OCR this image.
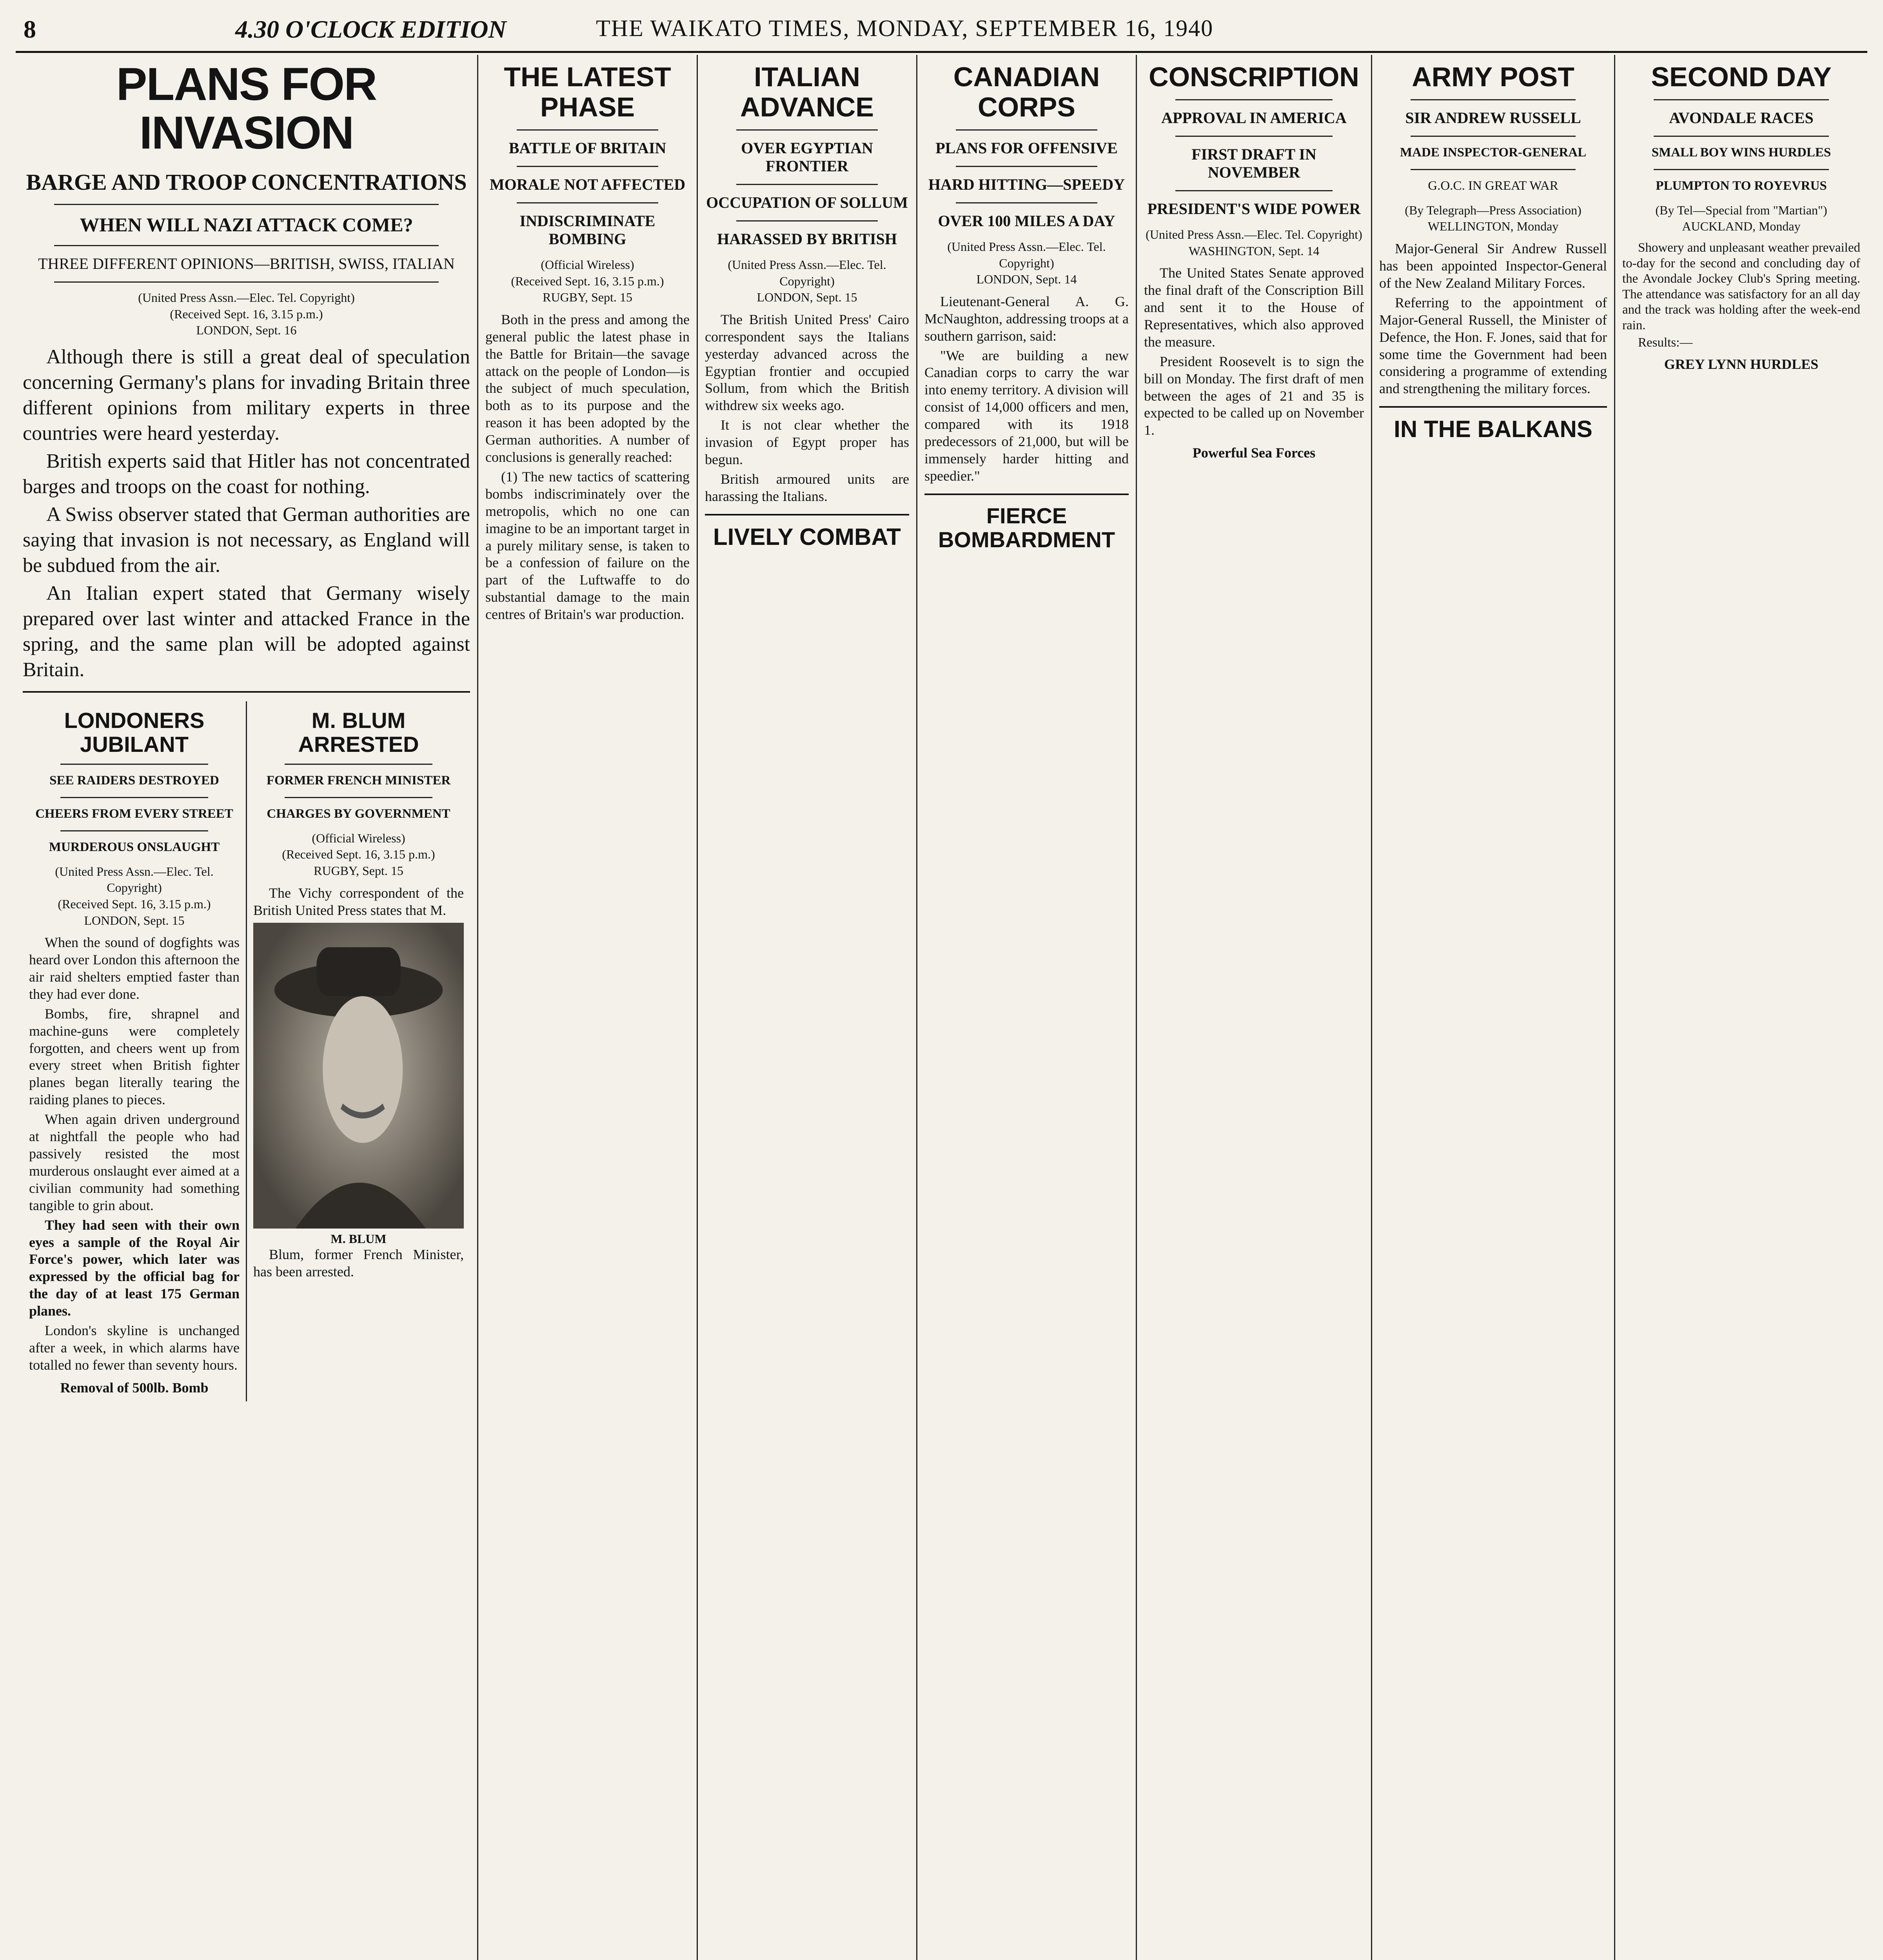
8	4.30 O'CLOCK EDITION	THE WAIKATO TIMES, MONDAY, SEPTEMBER 16, 1940
PLANS FOR INVASION
BARGE AND TROOP CONCENTRATIONS
WHEN WILL NAZI ATTACK COME?
THREE DIFFERENT OPINIONS—BRITISH, SWISS, ITALIAN
(United Press Assn.—Elec. Tel. Copyright)
(Received Sept. 16, 3.15 p.m.)
LONDON, Sept. 16

Although there is still a great deal of speculation concerning Germany's plans for invading Britain three different opinions from military experts in three countries were heard yesterday.

British experts said that Hitler has not concentrated barges and troops on the coast for nothing.

A Swiss observer stated that German authorities are saying that invasion is not necessary, as England will be subdued from the air.

An Italian expert stated that Germany wisely prepared over last winter and attacked France in the spring, and the same plan will be adopted against Britain.

LONDONERS JUBILANT
SEE RAIDERS DESTROYED
CHEERS FROM EVERY STREET
MURDEROUS ONSLAUGHT
(United Press Assn.—Elec. Tel. Copyright)
(Received Sept. 16, 3.15 p.m.)
LONDON, Sept. 15

When the sound of dogfights was heard over London this afternoon the air raid shelters emptied faster than they had ever done.

Bombs, fire, shrapnel and machine-guns were completely forgotten, and cheers went up from every street when British fighter planes began literally tearing the raiding planes to pieces.

When again driven underground at nightfall the people who had passively resisted the most murderous onslaught ever aimed at a civilian community had something tangible to grin about.

They had seen with their own eyes a sample of the Royal Air Force's power, which later was expressed by the official bag for the day of at least 175 German planes.

London's skyline is unchanged after a week, in which alarms have totalled no fewer than seventy hours.

Removal of 500lb. Bomb
M. BLUM ARRESTED
FORMER FRENCH MINISTER
CHARGES BY GOVERNMENT
(Official Wireless)
(Received Sept. 16, 3.15 p.m.)
RUGBY, Sept. 15

The Vichy correspondent of the British United Press states that M.

M. BLUM

Blum, former French Minister, has been arrested.

THE LATEST PHASE
BATTLE OF BRITAIN
MORALE NOT AFFECTED
INDISCRIMINATE BOMBING
(Official Wireless)
(Received Sept. 16, 3.15 p.m.)
RUGBY, Sept. 15

Both in the press and among the general public the latest phase in the Battle for Britain—the savage attack on the people of London—is the subject of much speculation, both as to its purpose and the reason it has been adopted by the German authorities. A number of conclusions is generally reached:

(1) The new tactics of scattering bombs indiscriminately over the metropolis, which no one can imagine to be an important target in a purely military sense, is taken to be a confession of failure on the part of the Luftwaffe to do substantial damage to the main centres of Britain's war production.

ITALIAN ADVANCE
OVER EGYPTIAN FRONTIER
OCCUPATION OF SOLLUM
HARASSED BY BRITISH
(United Press Assn.—Elec. Tel. Copyright)
LONDON, Sept. 15

The British United Press' Cairo correspondent says the Italians yesterday advanced across the Egyptian frontier and occupied Sollum, from which the British withdrew six weeks ago.

It is not clear whether the invasion of Egypt proper has begun.

British armoured units are harassing the Italians.

LIVELY COMBAT
CANADIAN CORPS
PLANS FOR OFFENSIVE
HARD HITTING—SPEEDY
OVER 100 MILES A DAY
(United Press Assn.—Elec. Tel. Copyright)
LONDON, Sept. 14

Lieutenant-General A. G. McNaughton, addressing troops at a southern garrison, said:

"We are building a new Canadian corps to carry the war into enemy territory. A division will consist of 14,000 officers and men, compared with its 1918 predecessors of 21,000, but will be immensely harder hitting and speedier."

FIERCE BOMBARDMENT
CONSCRIPTION
APPROVAL IN AMERICA
FIRST DRAFT IN NOVEMBER
PRESIDENT'S WIDE POWER
(United Press Assn.—Elec. Tel. Copyright)
WASHINGTON, Sept. 14

The United States Senate approved the final draft of the Conscription Bill and sent it to the House of Representatives, which also approved the measure.

President Roosevelt is to sign the bill on Monday. The first draft of men between the ages of 21 and 35 is expected to be called up on November 1.

Powerful Sea Forces
ARMY POST
SIR ANDREW RUSSELL
MADE INSPECTOR-GENERAL
G.O.C. IN GREAT WAR
(By Telegraph—Press Association)
WELLINGTON, Monday

Major-General Sir Andrew Russell has been appointed Inspector-General of the New Zealand Military Forces.

Referring to the appointment of Major-General Russell, the Minister of Defence, the Hon. F. Jones, said that for some time the Government had been considering a programme of extending and strengthening the military forces.

IN THE BALKANS
SECOND DAY
AVONDALE RACES
SMALL BOY WINS HURDLES
PLUMPTON TO ROYEVRUS
(By Tel—Special from "Martian")
AUCKLAND, Monday

Showery and unpleasant weather prevailed to-day for the second and concluding day of the Avondale Jockey Club's Spring meeting. The attendance was satisfactory for an all day and the track was holding after the week-end rain.

Results:—

GREY LYNN HURDLES
